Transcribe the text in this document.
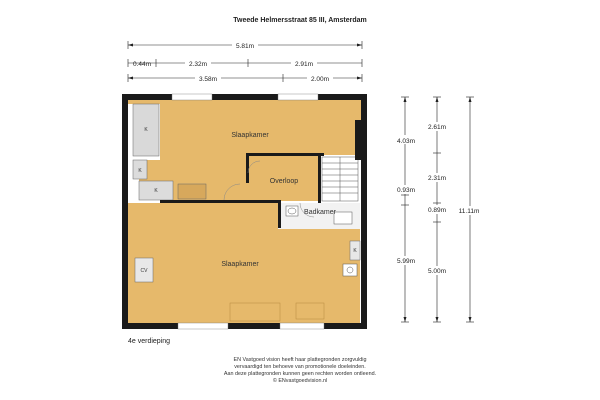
Tweede Helmersstraat 85 III, Amsterdam
5.81m
0.44m	2.32m	2.91m
3.58m	2.00m
4.03m
0.93m
5.99m
2.61m
2.31m
0.89m
5.00m
11.11m
K
K
K
CV
K
Slaapkamer
Overloop
Badkamer
Slaapkamer
4e verdieping
EN Vastgoed vision heeft haar plattegronden zorgvuldig
vervaardigd ten behoeve van promotionele doeleinden.
Aan deze plattegronden kunnen geen rechten worden ontleend.
© ENvastgoedvision.nl
